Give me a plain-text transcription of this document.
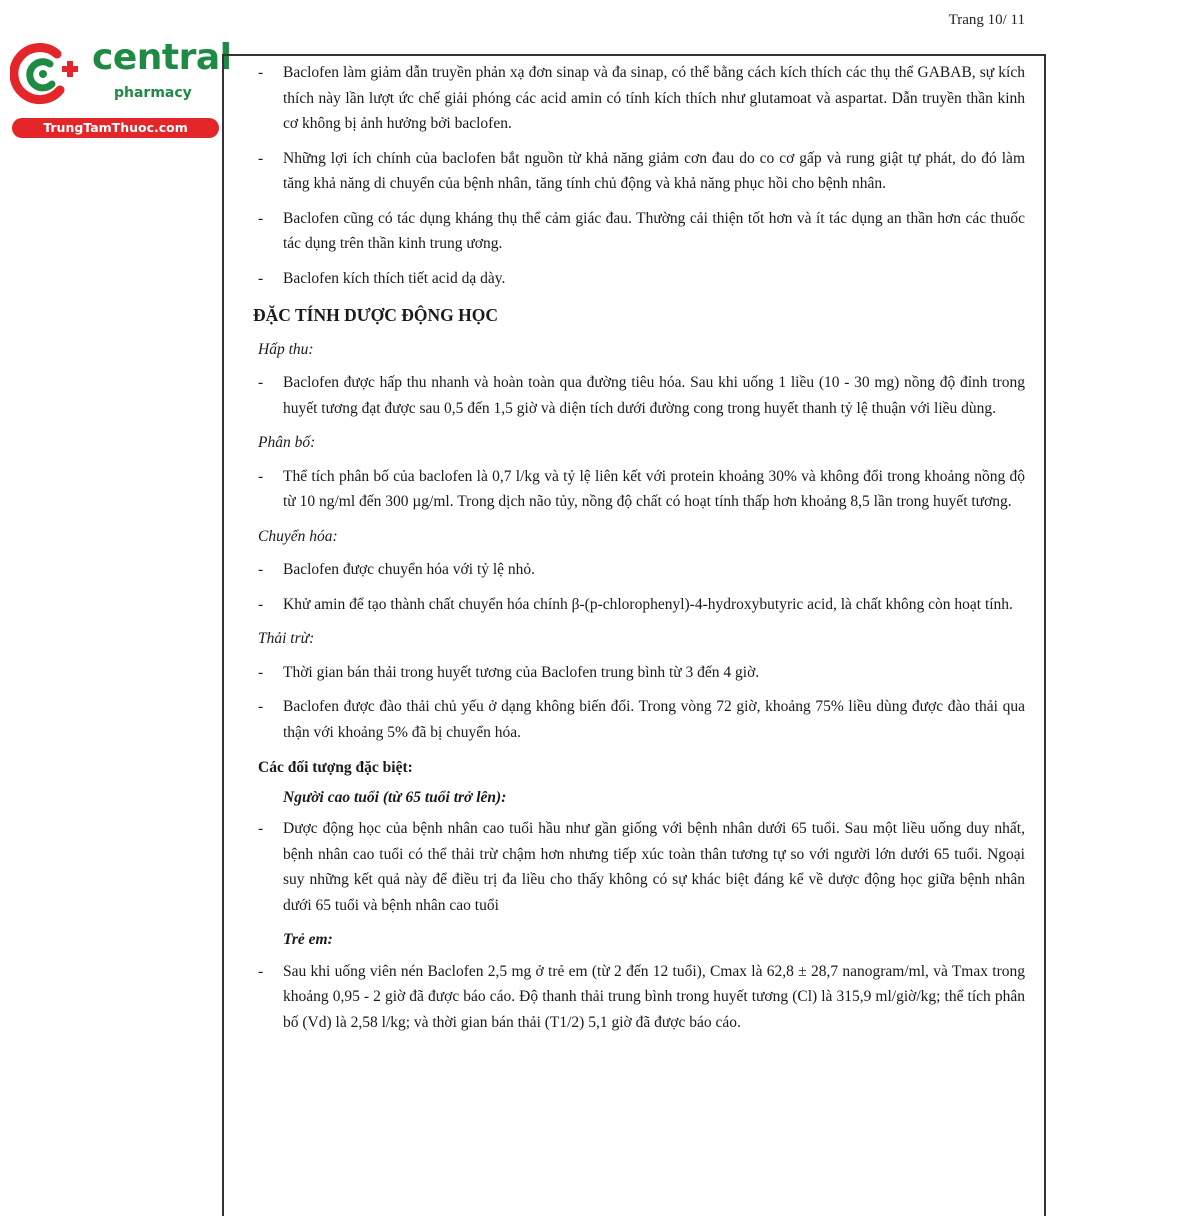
Trang 10/ 11
central
pharmacy
TrungTamThuoc.com
- Baclofen làm giảm dẫn truyền phản xạ đơn sinap và đa sinap, có thể bằng cách kích thích các thụ thể GABAB, sự kích thích này lần lượt ức chế giải phóng các acid amin có tính kích thích như glutamoat và aspartat. Dẫn truyền thần kinh cơ không bị ảnh hưởng bởi baclofen.
- Những lợi ích chính của baclofen bắt nguồn từ khả năng giảm cơn đau do co cơ gấp và rung giật tự phát, do đó làm tăng khả năng di chuyển của bệnh nhân, tăng tính chủ động và khả năng phục hồi cho bệnh nhân.
- Baclofen cũng có tác dụng kháng thụ thể cảm giác đau. Thường cải thiện tốt hơn và ít tác dụng an thần hơn các thuốc tác dụng trên thần kinh trung ương.
- Baclofen kích thích tiết acid dạ dày.
ĐẶC TÍNH DƯỢC ĐỘNG HỌC
Hấp thu:
- Baclofen được hấp thu nhanh và hoàn toàn qua đường tiêu hóa. Sau khi uống 1 liều (10 - 30 mg) nồng độ đỉnh trong huyết tương đạt được sau 0,5 đến 1,5 giờ và diện tích dưới đường cong trong huyết thanh tỷ lệ thuận với liều dùng.
Phân bố:
- Thể tích phân bố của baclofen là 0,7 l/kg và tỷ lệ liên kết với protein khoảng 30% và không đổi trong khoảng nồng độ từ 10 ng/ml đến 300 µg/ml. Trong dịch não tủy, nồng độ chất có hoạt tính thấp hơn khoảng 8,5 lần trong huyết tương.
Chuyển hóa:
- Baclofen được chuyển hóa với tỷ lệ nhỏ.
- Khử amin để tạo thành chất chuyển hóa chính β-(p-chlorophenyl)-4-hydroxybutyric acid, là chất không còn hoạt tính.
Thải trừ:
- Thời gian bán thải trong huyết tương của Baclofen trung bình từ 3 đến 4 giờ.
- Baclofen được đào thải chủ yếu ở dạng không biến đổi. Trong vòng 72 giờ, khoảng 75% liều dùng được đào thải qua thận với khoảng 5% đã bị chuyển hóa.
Các đối tượng đặc biệt:
Người cao tuổi (từ 65 tuổi trở lên):
- Dược động học của bệnh nhân cao tuổi hầu như gần giống với bệnh nhân dưới 65 tuổi. Sau một liều uống duy nhất, bệnh nhân cao tuổi có thể thải trừ chậm hơn nhưng tiếp xúc toàn thân tương tự so với người lớn dưới 65 tuổi. Ngoại suy những kết quả này để điều trị đa liều cho thấy không có sự khác biệt đáng kể về dược động học giữa bệnh nhân dưới 65 tuổi và bệnh nhân cao tuổi
Trẻ em:
- Sau khi uống viên nén Baclofen 2,5 mg ở trẻ em (từ 2 đến 12 tuổi), Cmax là 62,8 ± 28,7 nanogram/ml, và Tmax trong khoảng 0,95 - 2 giờ đã được báo cáo. Độ thanh thải trung bình trong huyết tương (Cl) là 315,9 ml/giờ/kg; thể tích phân bố (Vd) là 2,58 l/kg; và thời gian bán thải (T1/2) 5,1 giờ đã được báo cáo.
